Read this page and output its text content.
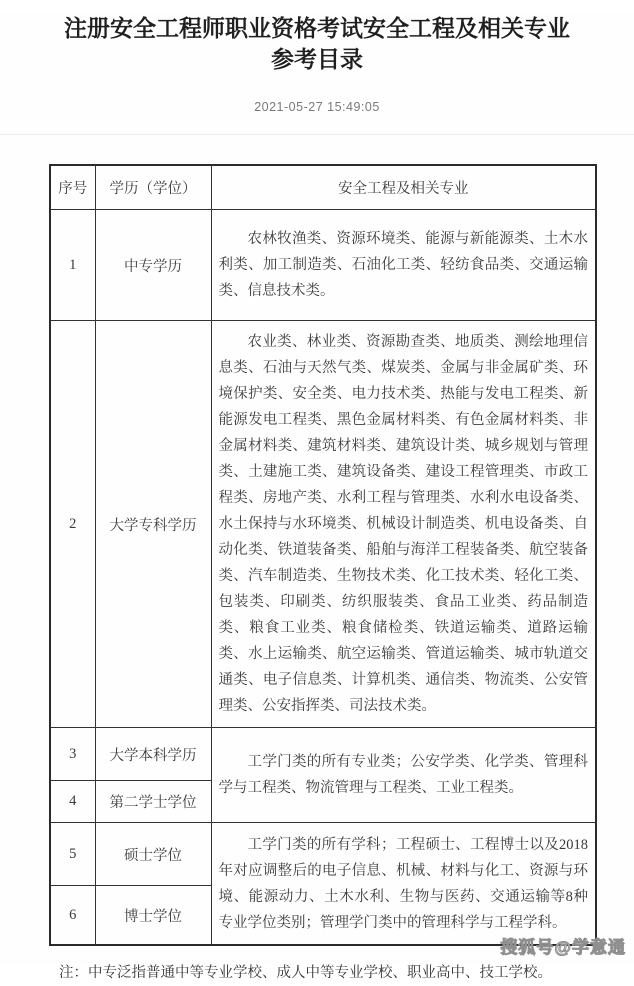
注册安全工程师职业资格考试安全工程及相关专业参考目录
2021-05-27 15:49:05
序号	学历（学位）	安全工程及相关专业
1	中专学历	农林牧渔类、资源环境类、能源与新能源类、土木水利类、加工制造类、石油化工类、轻纺食品类、交通运输类、信息技术类。
2	大学专科学历	农业类、林业类、资源勘查类、地质类、测绘地理信息类、石油与天然气类、煤炭类、金属与非金属矿类、环境保护类、安全类、电力技术类、热能与发电工程类、新能源发电工程类、黑色金属材料类、有色金属材料类、非金属材料类、建筑材料类、建筑设计类、城乡规划与管理类、土建施工类、建筑设备类、建设工程管理类、市政工程类、房地产类、水利工程与管理类、水利水电设备类、水土保持与水环境类、机械设计制造类、机电设备类、自动化类、铁道装备类、船舶与海洋工程装备类、航空装备类、汽车制造类、生物技术类、化工技术类、轻化工类、包装类、印刷类、纺织服装类、食品工业类、药品制造类、粮食工业类、粮食储检类、铁道运输类、道路运输类、水上运输类、航空运输类、管道运输类、城市轨道交通类、电子信息类、计算机类、通信类、物流类、公安管理类、公安指挥类、司法技术类。
3	大学本科学历	工学门类的所有专业类；公安学类、化学类、管理科学与工程类、物流管理与工程类、工业工程类。
4	第二学士学位	
5	硕士学位	工学门类的所有学科；工程硕士、工程博士以及2018年对应调整后的电子信息、机械、材料与化工、资源与环境、能源动力、土木水利、生物与医药、交通运输等8种专业学位类别；管理学门类中的管理科学与工程学科。
6	博士学位	

注：中专泛指普通中等专业学校、成人中等专业学校、职业高中、技工学校。

搜狐号@学意通
